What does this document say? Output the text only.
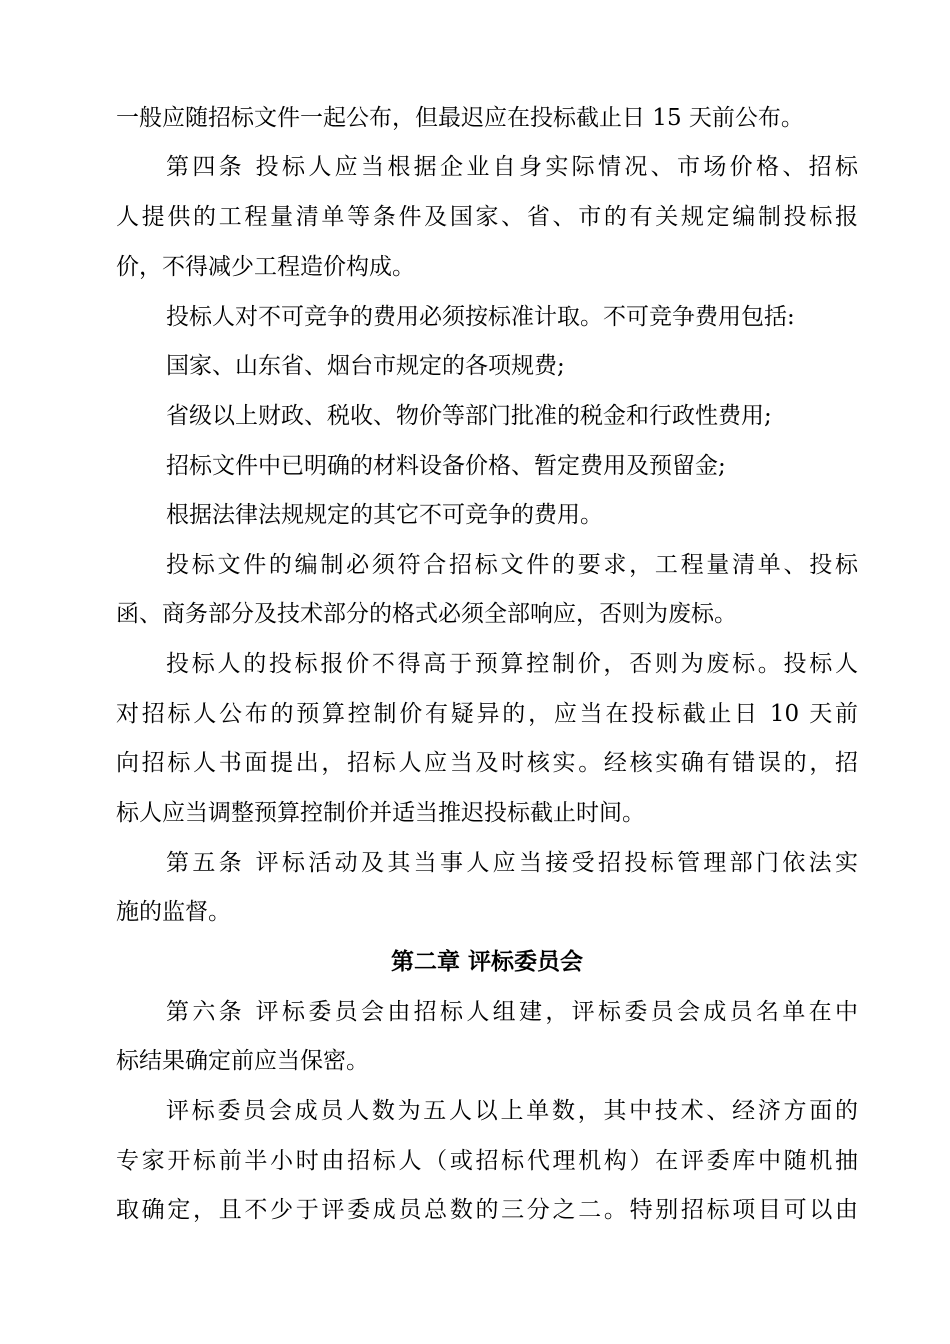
一般应随招标文件一起公布，但最迟应在投标截止日 15 天前公布。
第四条 投标人应当根据企业自身实际情况、市场价格、招标
人提供的工程量清单等条件及国家、省、市的有关规定编制投标报
价，不得减少工程造价构成。
投标人对不可竞争的费用必须按标准计取。不可竞争费用包括:
国家、山东省、烟台市规定的各项规费;
省级以上财政、税收、物价等部门批准的税金和行政性费用;
招标文件中已明确的材料设备价格、暂定费用及预留金;
根据法律法规规定的其它不可竞争的费用。
投标文件的编制必须符合招标文件的要求，工程量清单、投标
函、商务部分及技术部分的格式必须全部响应，否则为废标。
投标人的投标报价不得高于预算控制价，否则为废标。投标人
对招标人公布的预算控制价有疑异的，应当在投标截止日 10 天前
向招标人书面提出，招标人应当及时核实。经核实确有错误的，招
标人应当调整预算控制价并适当推迟投标截止时间。
第五条 评标活动及其当事人应当接受招投标管理部门依法实
施的监督。
第二章 评标委员会
第六条 评标委员会由招标人组建，评标委员会成员名单在中
标结果确定前应当保密。
评标委员会成员人数为五人以上单数，其中技术、经济方面的
专家开标前半小时由招标人（或招标代理机构）在评委库中随机抽
取确定，且不少于评委成员总数的三分之二。特别招标项目可以由
